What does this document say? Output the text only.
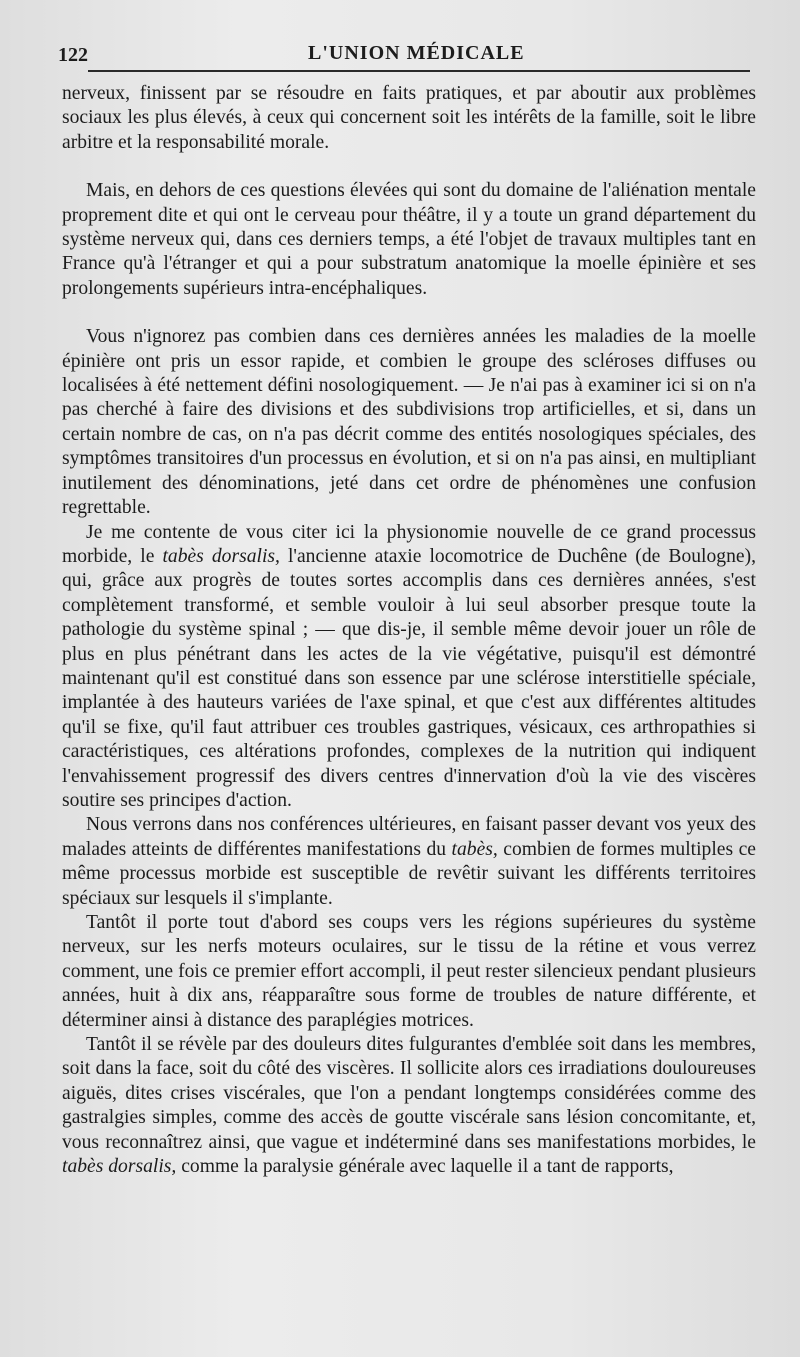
122	L'UNION MÉDICALE

nerveux, finissent par se résoudre en faits pratiques, et par aboutir aux problèmes sociaux les plus élevés, à ceux qui concernent soit les intérêts de la famille, soit le libre arbitre et la responsabilité morale.

Mais, en dehors de ces questions élevées qui sont du domaine de l'aliénation mentale proprement dite et qui ont le cerveau pour théâtre, il y a toute un grand département du système nerveux qui, dans ces derniers temps, a été l'objet de travaux multiples tant en France qu'à l'étranger et qui a pour substratum anatomique la moelle épinière et ses prolongements supérieurs intra-encéphaliques.

Vous n'ignorez pas combien dans ces dernières années les maladies de la moelle épinière ont pris un essor rapide, et combien le groupe des scléroses diffuses ou localisées à été nettement défini nosologiquement. — Je n'ai pas à examiner ici si on n'a pas cherché à faire des divisions et des subdivisions trop artificielles, et si, dans un certain nombre de cas, on n'a pas décrit comme des entités nosologiques spéciales, des symptômes transitoires d'un processus en évolution, et si on n'a pas ainsi, en multipliant inutilement des dénominations, jeté dans cet ordre de phénomènes une confusion regrettable.

Je me contente de vous citer ici la physionomie nouvelle de ce grand processus morbide, le tabès dorsalis, l'ancienne ataxie locomotrice de Duchêne (de Boulogne), qui, grâce aux progrès de toutes sortes accomplis dans ces dernières années, s'est complètement transformé, et semble vouloir à lui seul absorber presque toute la pathologie du système spinal ; — que dis-je, il semble même devoir jouer un rôle de plus en plus pénétrant dans les actes de la vie végétative, puisqu'il est démontré maintenant qu'il est constitué dans son essence par une sclérose interstitielle spéciale, implantée à des hauteurs variées de l'axe spinal, et que c'est aux différentes altitudes qu'il se fixe, qu'il faut attribuer ces troubles gastriques, vésicaux, ces arthropathies si caractéristiques, ces altérations profondes, complexes de la nutrition qui indiquent l'envahissement progressif des divers centres d'innervation d'où la vie des viscères soutire ses principes d'action.

Nous verrons dans nos conférences ultérieures, en faisant passer devant vos yeux des malades atteints de différentes manifestations du tabès, combien de formes multiples ce même processus morbide est susceptible de revêtir suivant les différents territoires spéciaux sur lesquels il s'implante.

Tantôt il porte tout d'abord ses coups vers les régions supérieures du système nerveux, sur les nerfs moteurs oculaires, sur le tissu de la rétine et vous verrez comment, une fois ce premier effort accompli, il peut rester silencieux pendant plusieurs années, huit à dix ans, réapparaître sous forme de troubles de nature différente, et déterminer ainsi à distance des paraplégies motrices.

Tantôt il se révèle par des douleurs dites fulgurantes d'emblée soit dans les membres, soit dans la face, soit du côté des viscères. Il sollicite alors ces irradiations douloureuses aiguës, dites crises viscérales, que l'on a pendant longtemps considérées comme des gastralgies simples, comme des accès de goutte viscérale sans lésion concomitante, et, vous reconnaîtrez ainsi, que vague et indéterminé dans ses manifestations morbides, le tabès dorsalis, comme la paralysie générale avec laquelle il a tant de rapports,
